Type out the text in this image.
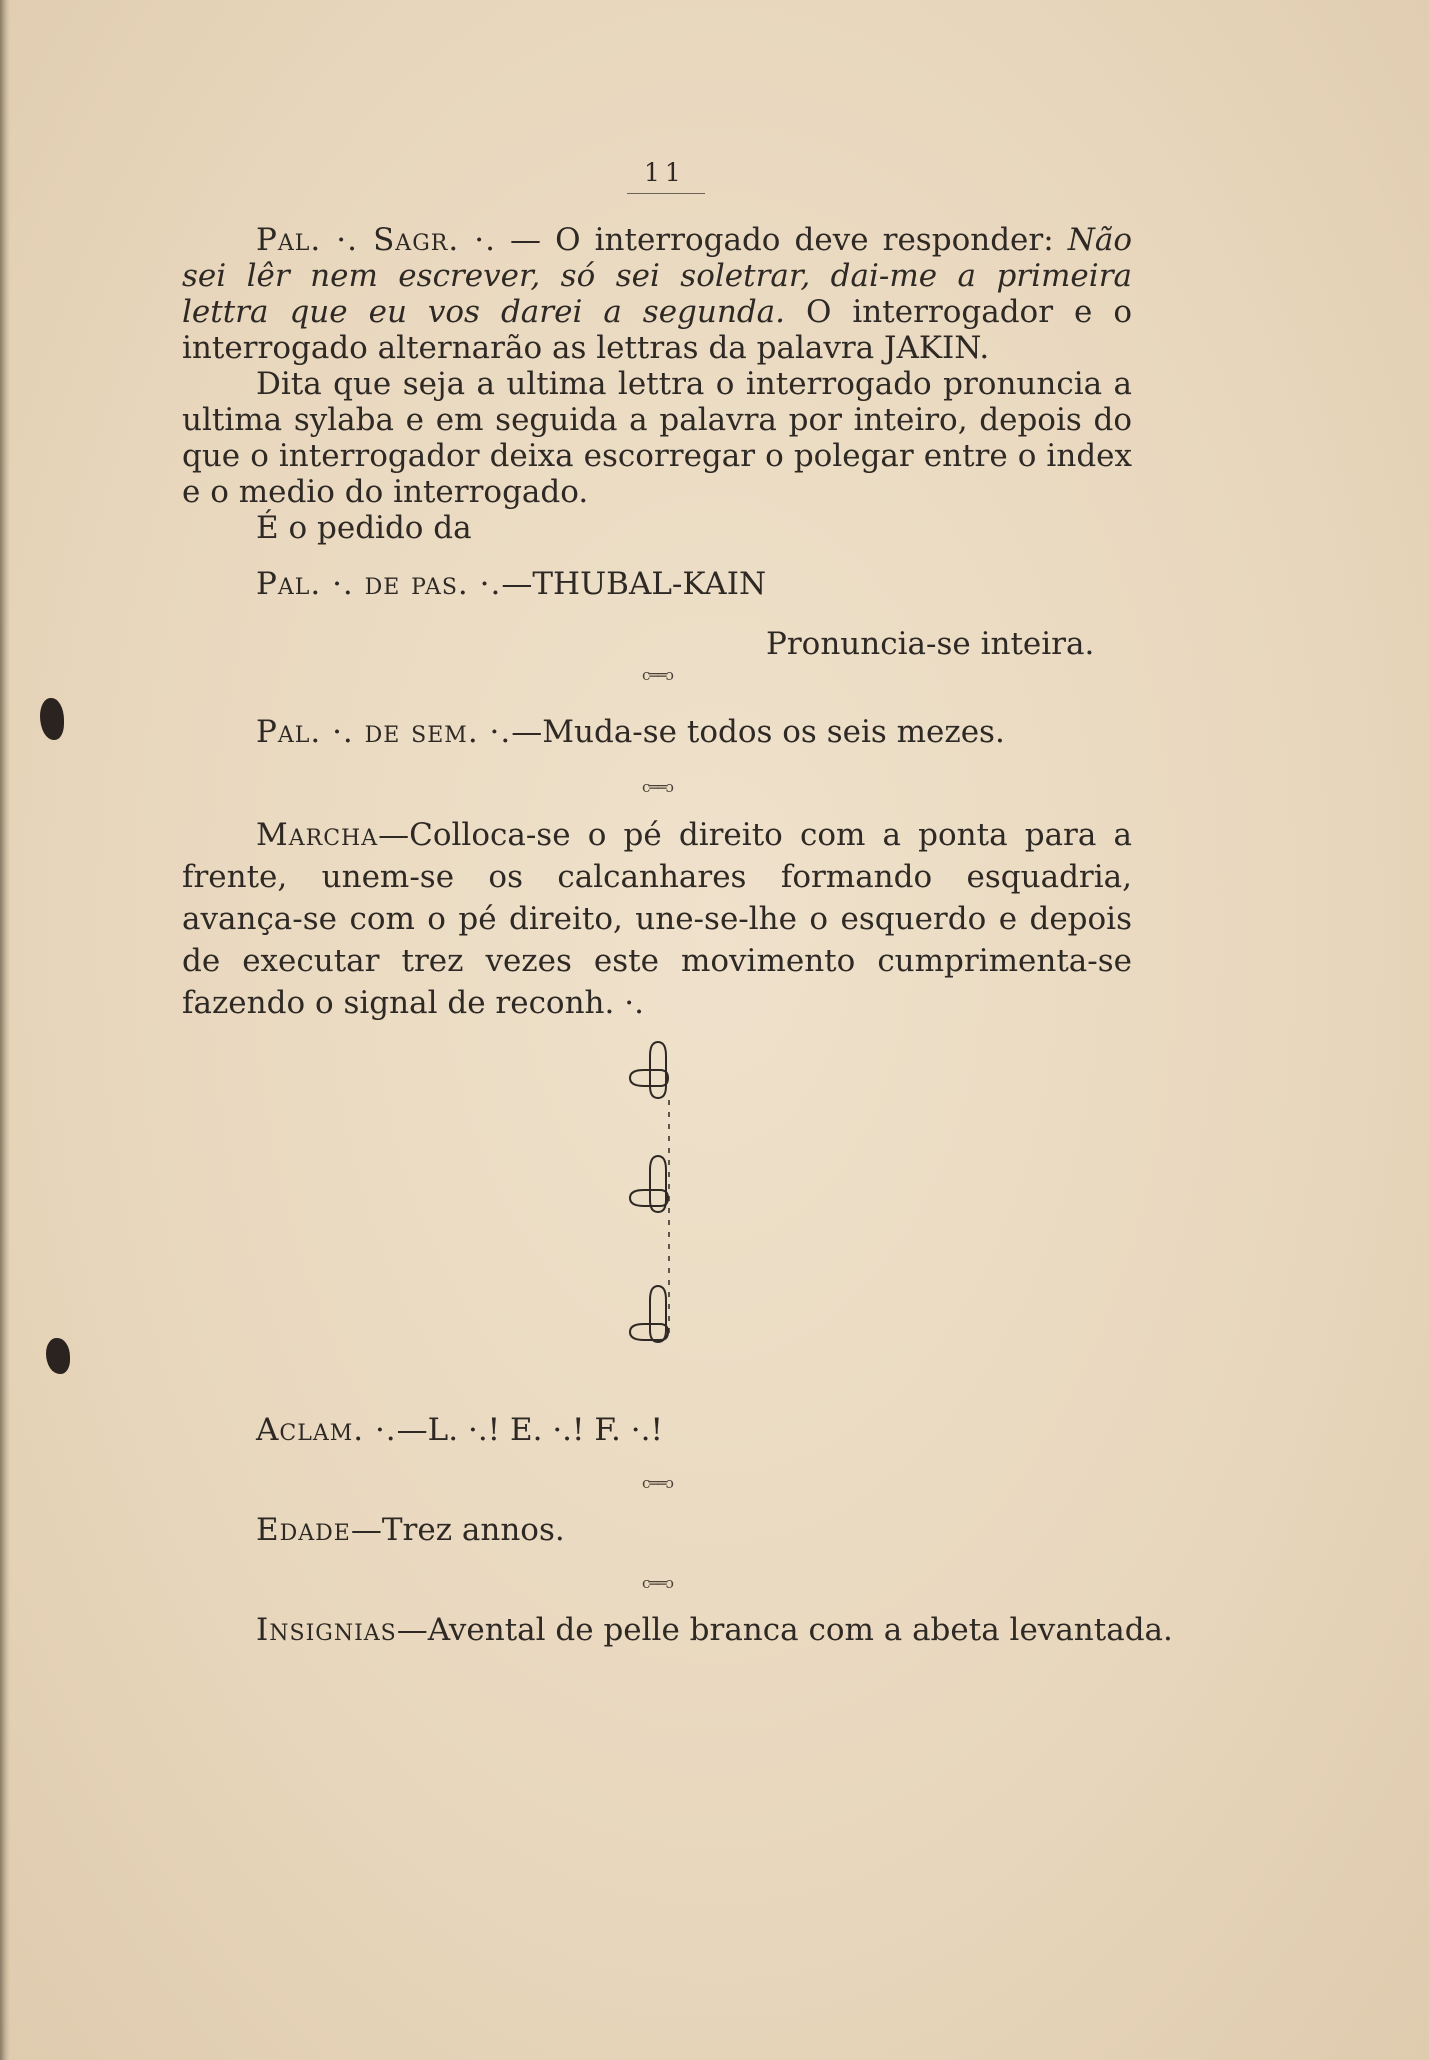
11
Pal. ·. Sagr. ·. — O interrogado deve responder: Não sei lêr nem escrever, só sei soletrar, dai-me a primeira lettra que eu vos darei a segunda. O interrogador e o interrogado alternarão as lettras da palavra JAKIN.
Dita que seja a ultima lettra o interrogado pronuncia a ultima sylaba e em seguida a palavra por inteiro, depois do que o interrogador deixa escorregar o polegar entre o index e o medio do interrogado.
É o pedido da
Pal. ·. de pas. ·.—THUBAL-KAIN
Pronuncia-se inteira.
c══ɔ
Pal. ·. de sem. ·.—Muda-se todos os seis mezes.
c══ɔ
Marcha—Colloca-se o pé direito com a ponta para a frente, unem-se os calcanhares formando esquadria, avança-se com o pé direito, une-se-lhe o esquerdo e depois de executar trez vezes este movimento cumprimenta-se fazendo o signal de reconh. ·.
Aclam. ·.—L. ·.! E. ·.! F. ·.!
c══ɔ
Edade—Trez annos.
c══ɔ
Insignias—Avental de pelle branca com a abeta levantada.
